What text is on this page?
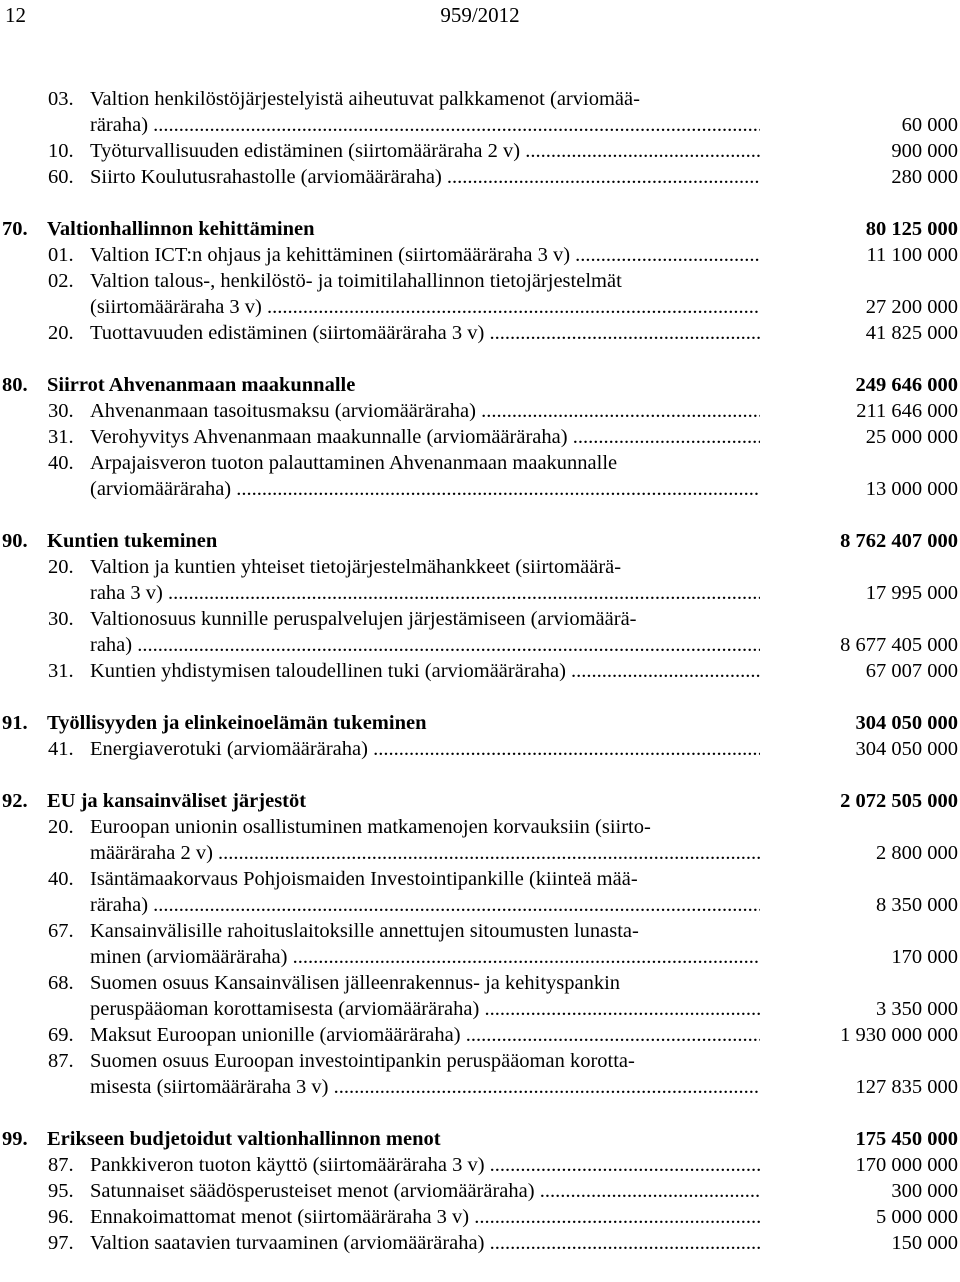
12	959/2012
03. Valtion henkilöstöjärjestelyistä aiheutuvat palkkamenot (arviomää-
räraha) .....	60 000
10. Työturvallisuuden edistäminen (siirtomääräraha 2 v) .....	900 000
60. Siirto Koulutusrahastolle (arviomääräraha) .....	280 000
70. Valtionhallinnon kehittäminen	80 125 000
01. Valtion ICT:n ohjaus ja kehittäminen (siirtomääräraha 3 v) .....	11 100 000
02. Valtion talous-, henkilöstö- ja toimitilahallinnon tietojärjestelmät
(siirtomääräraha 3 v) .....	27 200 000
20. Tuottavuuden edistäminen (siirtomääräraha 3 v) .....	41 825 000
80. Siirrot Ahvenanmaan maakunnalle	249 646 000
30. Ahvenanmaan tasoitusmaksu (arviomääräraha) .....	211 646 000
31. Verohyvitys Ahvenanmaan maakunnalle (arviomääräraha) .....	25 000 000
40. Arpajaisveron tuoton palauttaminen Ahvenanmaan maakunnalle
(arviomääräraha) .....	13 000 000
90. Kuntien tukeminen	8 762 407 000
20. Valtion ja kuntien yhteiset tietojärjestelmähankkeet (siirtomäärä-
raha 3 v) .....	17 995 000
30. Valtionosuus kunnille peruspalvelujen järjestämiseen (arviomäärä-
raha) .....	8 677 405 000
31. Kuntien yhdistymisen taloudellinen tuki (arviomääräraha) .....	67 007 000
91. Työllisyyden ja elinkeinoelämän tukeminen	304 050 000
41. Energiaverotuki (arviomääräraha) .....	304 050 000
92. EU ja kansainväliset järjestöt	2 072 505 000
20. Euroopan unionin osallistuminen matkamenojen korvauksiin (siirto-
määräraha 2 v) .....	2 800 000
40. Isäntämaakorvaus Pohjoismaiden Investointipankille (kiinteä mää-
räraha) .....	8 350 000
67. Kansainvälisille rahoituslaitoksille annettujen sitoumusten lunasta-
minen (arviomääräraha) .....	170 000
68. Suomen osuus Kansainvälisen jälleenrakennus- ja kehityspankin
peruspääoman korottamisesta (arviomääräraha) .....	3 350 000
69. Maksut Euroopan unionille (arviomääräraha) .....	1 930 000 000
87. Suomen osuus Euroopan investointipankin peruspääoman korotta-
misesta (siirtomääräraha 3 v) .....	127 835 000
99. Erikseen budjetoidut valtionhallinnon menot	175 450 000
87. Pankkiveron tuoton käyttö (siirtomääräraha 3 v) .....	170 000 000
95. Satunnaiset säädösperusteiset menot (arviomääräraha) .....	300 000
96. Ennakoimattomat menot (siirtomääräraha 3 v) .....	5 000 000
97. Valtion saatavien turvaaminen (arviomääräraha) .....	150 000
